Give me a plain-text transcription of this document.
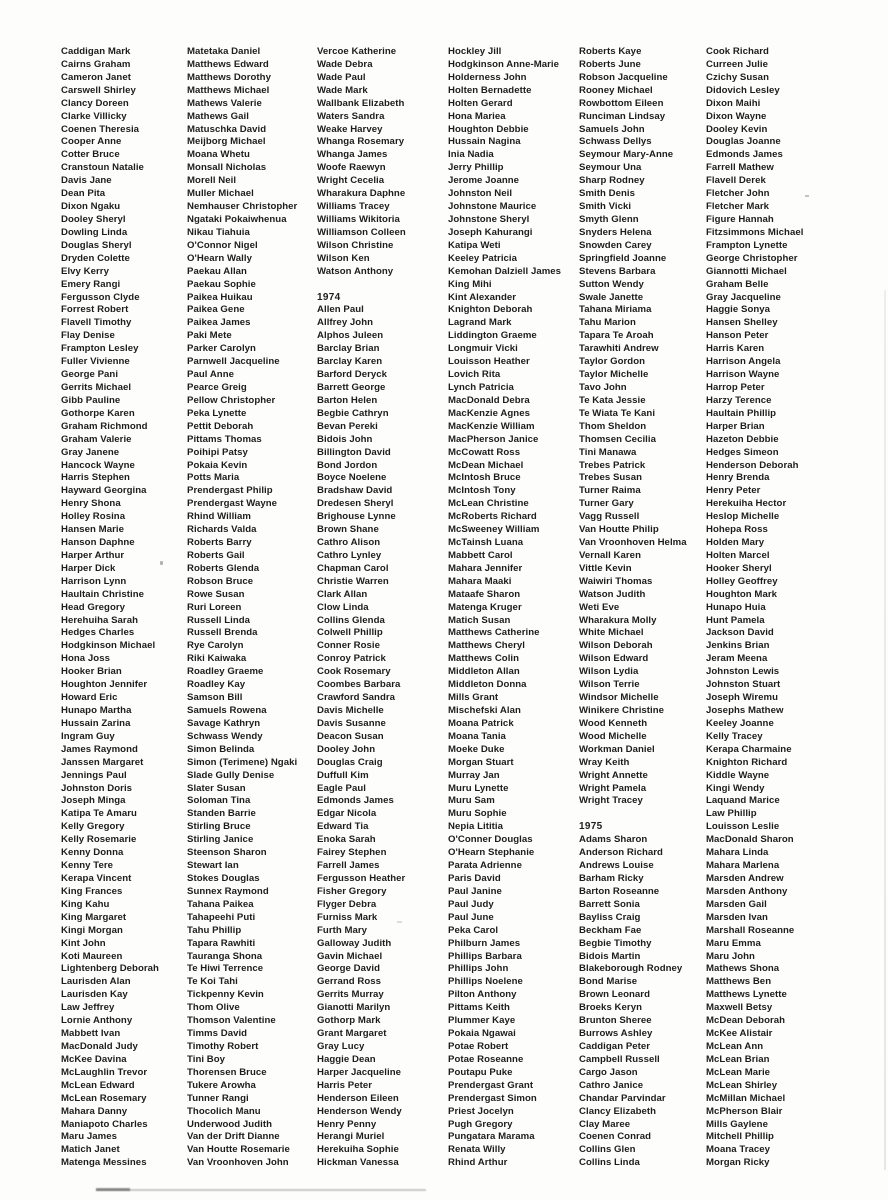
Caddigan Mark
Cairns Graham
Cameron Janet
Carswell Shirley
Clancy Doreen
Clarke Villicky
Coenen Theresia
Cooper Anne
Cotter Bruce
Cranstoun Natalie
Davis Jane
Dean Pita
Dixon Ngaku
Dooley Sheryl
Dowling Linda
Douglas Sheryl
Dryden Colette
Elvy Kerry
Emery Rangi
Fergusson Clyde
Forrest Robert
Flavell Timothy
Flay Denise
Frampton Lesley
Fuller Vivienne
George Pani
Gerrits Michael
Gibb Pauline
Gothorpe Karen
Graham Richmond
Graham Valerie
Gray Janene
Hancock Wayne
Harris Stephen
Hayward Georgina
Henry Shona
Holley Rosina
Hansen Marie
Hanson Daphne
Harper Arthur
Harper Dick
Harrison Lynn
Haultain Christine
Head Gregory
Herehuiha Sarah
Hedges Charles
Hodgkinson Michael
Hona Joss
Hooker Brian
Houghton Jennifer
Howard Eric
Hunapo Martha
Hussain Zarina
Ingram Guy
James Raymond
Janssen Margaret
Jennings Paul
Johnston Doris
Joseph Minga
Katipa Te Amaru
Kelly Gregory
Kelly Rosemarie
Kenny Donna
Kenny Tere
Kerapa Vincent
King Frances
King Kahu
King Margaret
Kingi Morgan
Kint John
Koti Maureen
Lightenberg Deborah
Laurisden Alan
Laurisden Kay
Law Jeffrey
Lornie Anthony
Mabbett Ivan
MacDonald Judy
McKee Davina
McLaughlin Trevor
McLean Edward
McLean Rosemary
Mahara Danny
Maniapoto Charles
Maru James
Matich Janet
Matenga Messines
Matetaka Daniel
Matthews Edward
Matthews Dorothy
Matthews Michael
Mathews Valerie
Mathews Gail
Matuschka David
Meijborg Michael
Moana Whetu
Monsall Nicholas
Morell Neil
Muller Michael
Nemhauser Christopher
Ngataki Pokaiwhenua
Nikau Tiahuia
O'Connor Nigel
O'Hearn Wally
Paekau Allan
Paekau Sophie
Paikea Huikau
Paikea Gene
Paikea James
Paki Mete
Parker Carolyn
Parnwell Jacqueline
Paul Anne
Pearce Greig
Pellow Christopher
Peka Lynette
Pettit Deborah
Pittams Thomas
Poihipi Patsy
Pokaia Kevin
Potts Maria
Prendergast Philip
Prendergast Wayne
Rhind William
Richards Valda
Roberts Barry
Roberts Gail
Roberts Glenda
Robson Bruce
Rowe Susan
Ruri Loreen
Russell Linda
Russell Brenda
Rye Carolyn
Riki Kaiwaka
Roadley Graeme
Roadley Kay
Samson Bill
Samuels Rowena
Savage Kathryn
Schwass Wendy
Simon Belinda
Simon (Terimene) Ngaki
Slade Gully Denise
Slater Susan
Soloman Tina
Standen Barrie
Stirling Bruce
Stirling Janice
Steenson Sharon
Stewart Ian
Stokes Douglas
Sunnex Raymond
Tahana Paikea
Tahapeehi Puti
Tahu Phillip
Tapara Rawhiti
Tauranga Shona
Te Hiwi Terrence
Te Koi Tahi
Tickpenny Kevin
Thom Olive
Thomson Valentine
Timms David
Timothy Robert
Tini Boy
Thorensen Bruce
Tukere Arowha
Tunner Rangi
Thocolich Manu
Underwood Judith
Van der Drift Dianne
Van Houtte Rosemarie
Van Vroonhoven John
Vercoe Katherine
Wade Debra
Wade Paul
Wade Mark
Wallbank Elizabeth
Waters Sandra
Weake Harvey
Whanga Rosemary
Whanga James
Woofe Raewyn
Wright Cecelia
Wharakura Daphne
Williams Tracey
Williams Wikitoria
Williamson Colleen
Wilson Christine
Wilson Ken
Watson Anthony
1974
Allen Paul
Allfrey John
Alphos Juleen
Barclay Brian
Barclay Karen
Barford Deryck
Barrett George
Barton Helen
Begbie Cathryn
Bevan Pereki
Bidois John
Billington David
Bond Jordon
Boyce Noelene
Bradshaw David
Dredesen Sheryl
Brighouse Lynne
Brown Shane
Cathro Alison
Cathro Lynley
Chapman Carol
Christie Warren
Clark Allan
Clow Linda
Collins Glenda
Colwell Phillip
Conner Rosie
Conroy Patrick
Cook Rosemary
Coombes Barbara
Crawford Sandra
Davis Michelle
Davis Susanne
Deacon Susan
Dooley John
Douglas Craig
Duffull Kim
Eagle Paul
Edmonds James
Edgar Nicola
Edward Tia
Enoka Sarah
Fairey Stephen
Farrell James
Fergusson Heather
Fisher Gregory
Flyger Debra
Furniss Mark
Furth Mary
Galloway Judith
Gavin Michael
George David
Gerrand Ross
Gerrits Murray
Gianotti Marilyn
Gothorp Mark
Grant Margaret
Gray Lucy
Haggie Dean
Harper Jacqueline
Harris Peter
Henderson Eileen
Henderson Wendy
Henry Penny
Herangi Muriel
Herekuiha Sophie
Hickman Vanessa
Hockley Jill
Hodgkinson Anne-Marie
Holderness John
Holten Bernadette
Holten Gerard
Hona Mariea
Houghton Debbie
Hussain Nagina
Inia Nadia
Jerry Phillip
Jerome Joanne
Johnston Neil
Johnstone Maurice
Johnstone Sheryl
Joseph Kahurangi
Katipa Weti
Keeley Patricia
Kemohan Dalziell James
King Mihi
Kint Alexander
Knighton Deborah
Lagrand Mark
Liddington Graeme
Longmuir Vicki
Louisson Heather
Lovich Rita
Lynch Patricia
MacDonald Debra
MacKenzie Agnes
MacKenzie William
MacPherson Janice
McCowatt Ross
McDean Michael
McIntosh Bruce
McIntosh Tony
McLean Christine
McRoberts Richard
McSweeney William
McTainsh Luana
Mabbett Carol
Mahara Jennifer
Mahara Maaki
Mataafe Sharon
Matenga Kruger
Matich Susan
Matthews Catherine
Matthews Cheryl
Matthews Colin
Middleton Allan
Middleton Donna
Mills Grant
Mischefski Alan
Moana Patrick
Moana Tania
Moeke Duke
Morgan Stuart
Murray Jan
Muru Lynette
Muru Sam
Muru Sophie
Nepia Lititia
O'Conner Douglas
O'Hearn Stephanie
Parata Adrienne
Paris David
Paul Janine
Paul Judy
Paul June
Peka Carol
Philburn James
Phillips Barbara
Phillips John
Phillips Noelene
Pilton Anthony
Pittams Keith
Plummer Kaye
Pokaia Ngawai
Potae Robert
Potae Roseanne
Poutapu Puke
Prendergast Grant
Prendergast Simon
Priest Jocelyn
Pugh Gregory
Pungatara Marama
Renata Willy
Rhind Arthur
Roberts Kaye
Roberts June
Robson Jacqueline
Rooney Michael
Rowbottom Eileen
Runciman Lindsay
Samuels John
Schwass Dellys
Seymour Mary-Anne
Seymour Una
Sharp Rodney
Smith Denis
Smith Vicki
Smyth Glenn
Snyders Helena
Snowden Carey
Springfield Joanne
Stevens Barbara
Sutton Wendy
Swale Janette
Tahana Miriama
Tahu Marion
Tapara Te Aroah
Tarawhiti Andrew
Taylor Gordon
Taylor Michelle
Tavo John
Te Kata Jessie
Te Wiata Te Kani
Thom Sheldon
Thomsen Cecilia
Tini Manawa
Trebes Patrick
Trebes Susan
Turner Raima
Turner Gary
Vagg Russell
Van Houtte Philip
Van Vroonhoven Helma
Vernall Karen
Vittle Kevin
Waiwiri Thomas
Watson Judith
Weti Eve
Wharakura Molly
White Michael
Wilson Deborah
Wilson Edward
Wilson Lydia
Wilson Terrie
Windsor Michelle
Winikere Christine
Wood Kenneth
Wood Michelle
Workman Daniel
Wray Keith
Wright Annette
Wright Pamela
Wright Tracey
1975
Adams Sharon
Anderson Richard
Andrews Louise
Barham Ricky
Barton Roseanne
Barrett Sonia
Bayliss Craig
Beckham Fae
Begbie Timothy
Bidois Martin
Blakeborough Rodney
Bond Marise
Brown Leonard
Broeks Keryn
Brunton Sheree
Burrows Ashley
Caddigan Peter
Campbell Russell
Cargo Jason
Cathro Janice
Chandar Parvindar
Clancy Elizabeth
Clay Maree
Coenen Conrad
Collins Glen
Collins Linda
Cook Richard
Curreen Julie
Czichy Susan
Didovich Lesley
Dixon Maihi
Dixon Wayne
Dooley Kevin
Douglas Joanne
Edmonds James
Farrell Mathew
Flavell Derek
Fletcher John
Fletcher Mark
Figure Hannah
Fitzsimmons Michael
Frampton Lynette
George Christopher
Giannotti Michael
Graham Belle
Gray Jacqueline
Haggie Sonya
Hansen Shelley
Hanson Peter
Harris Karen
Harrison Angela
Harrison Wayne
Harrop Peter
Harzy Terence
Haultain Phillip
Harper Brian
Hazeton Debbie
Hedges Simeon
Henderson Deborah
Henry Brenda
Henry Peter
Herekuiha Hector
Heslop Michelle
Hohepa Ross
Holden Mary
Holten Marcel
Hooker Sheryl
Holley Geoffrey
Houghton Mark
Hunapo Huia
Hunt Pamela
Jackson David
Jenkins Brian
Jeram Meena
Johnston Lewis
Johnston Stuart
Joseph Wiremu
Josephs Mathew
Keeley Joanne
Kelly Tracey
Kerapa Charmaine
Knighton Richard
Kiddle Wayne
Kingi Wendy
Laquand Marice
Law Phillip
Louisson Leslie
MacDonald Sharon
Mahara Linda
Mahara Marlena
Marsden Andrew
Marsden Anthony
Marsden Gail
Marsden Ivan
Marshall Roseanne
Maru Emma
Maru John
Mathews Shona
Matthews Ben
Matthews Lynette
Maxwell Betsy
McDean Deborah
McKee Alistair
McLean Ann
McLean Brian
McLean Marie
McLean Shirley
McMillan Michael
McPherson Blair
Mills Gaylene
Mitchell Phillip
Moana Tracey
Morgan Ricky
